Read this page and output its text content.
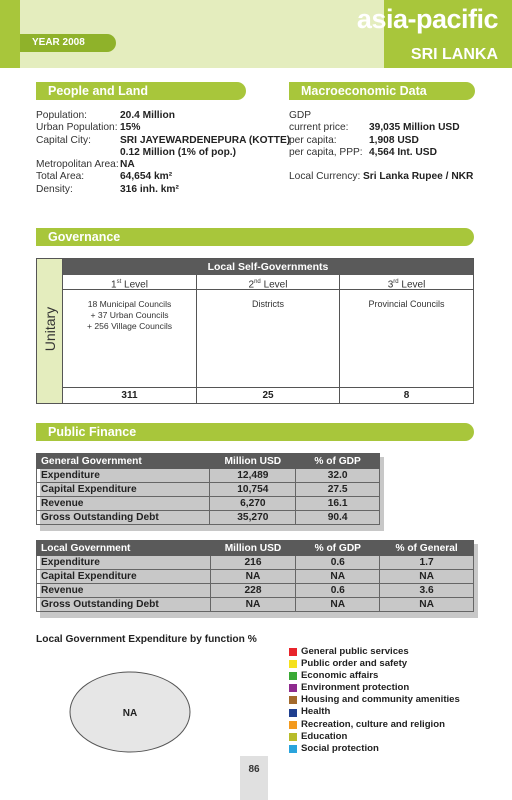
YEAR 2008
asia-pacific
SRI LANKA
People and Land
Population:	20.4 Million
Urban Population: 15%
Capital City:	SRI JAYEWARDENEPURA (KOTTE)
0.12 Million (1% of pop.)
Metropolitan Area: NA
Total Area:	64,654 km²
Density:	316 inh. km²
Macroeconomic Data
GDP
current price:	39,035 Million USD
per capita:	1,908 USD
per capita, PPP: 4,564 Int. USD
Local Currency: Sri Lanka Rupee / NKR
Governance
Unitary
Local Self-Governments
1st Level
18 Municipal Councils
+ 37 Urban Councils
+ 256 Village Councils
311
2nd Level
Districts
25
3rd Level
Provincial Councils
8
Public Finance
General Government	Million USD	% of GDP
Expenditure	12,489	32.0
Capital Expenditure	10,754	27.5
Revenue	6,270	16.1
Gross Outstanding Debt	35,270	90.4
Local Government	Million USD	% of GDP	% of General
Expenditure	216	0.6	1.7
Capital Expenditure	NA	NA	NA
Revenue	228	0.6	3.6
Gross Outstanding Debt	NA	NA	NA
Local Government Expenditure by function %
NA
General public services
Public order and safety
Economic affairs
Environment protection
Housing and community amenities
Health
Recreation, culture and religion
Education
Social protection
86
